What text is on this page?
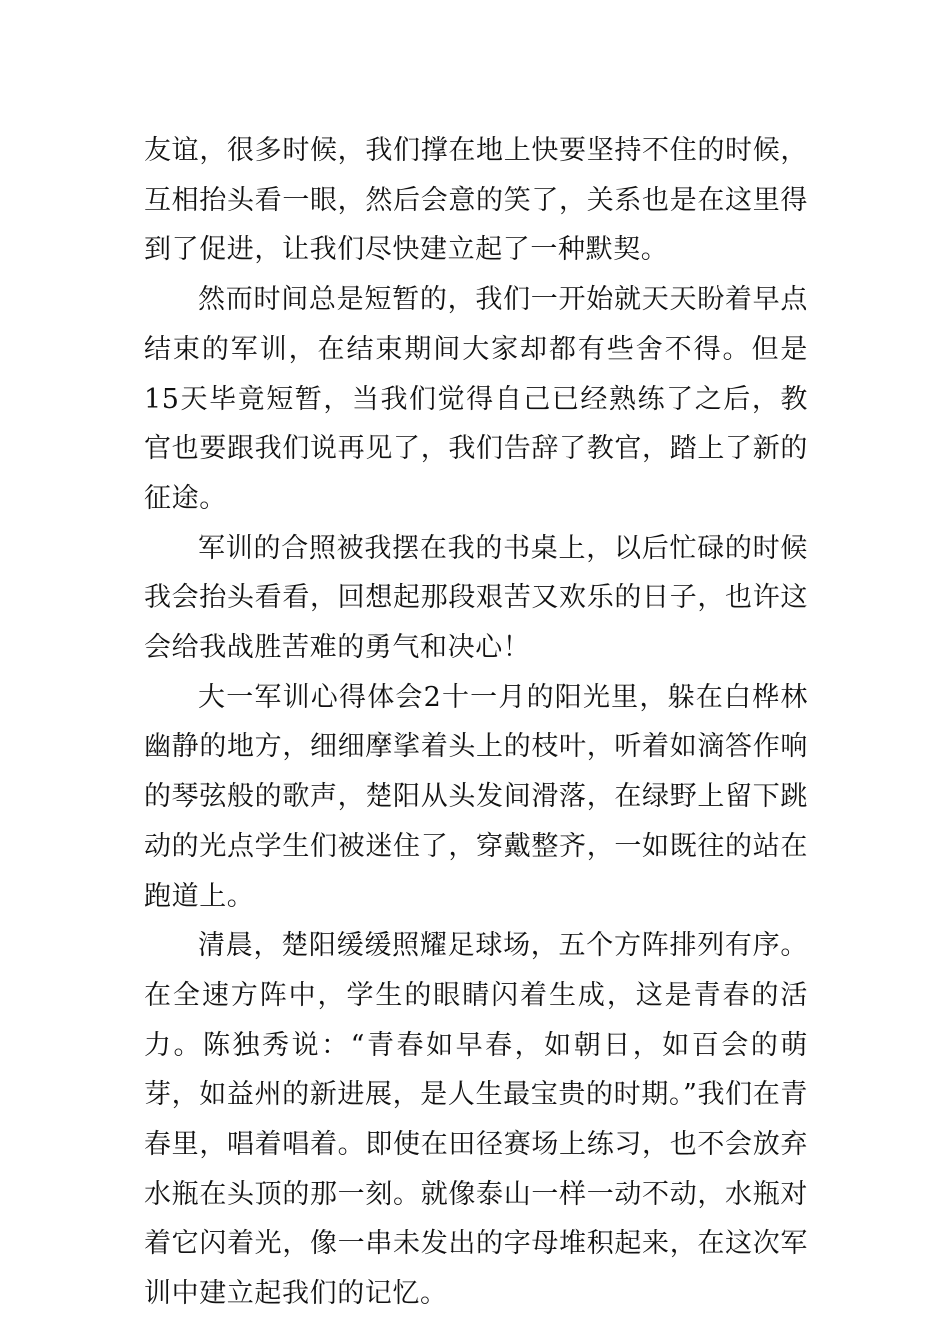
友谊，很多时候，我们撑在地上快要坚持不住的时候，互相抬头看一眼，然后会意的笑了，关系也是在这里得到了促进，让我们尽快建立起了一种默契。

然而时间总是短暂的，我们一开始就天天盼着早点结束的军训，在结束期间大家却都有些舍不得。但是15天毕竟短暂，当我们觉得自己已经熟练了之后，教官也要跟我们说再见了，我们告辞了教官，踏上了新的征途。

军训的合照被我摆在我的书桌上，以后忙碌的时候我会抬头看看，回想起那段艰苦又欢乐的日子，也许这会给我战胜苦难的勇气和决心！

大一军训心得体会2十一月的阳光里，躲在白桦林幽静的地方，细细摩挲着头上的枝叶，听着如滴答作响的琴弦般的歌声，楚阳从头发间滑落，在绿野上留下跳动的光点学生们被迷住了，穿戴整齐，一如既往的站在跑道上。

清晨，楚阳缓缓照耀足球场，五个方阵排列有序。在全速方阵中，学生的眼睛闪着生成，这是青春的活力。陈独秀说：“青春如早春，如朝日，如百会的萌芽，如益州的新进展，是人生最宝贵的时期。”我们在青春里，唱着唱着。即使在田径赛场上练习，也不会放弃水瓶在头顶的那一刻。就像泰山一样一动不动，水瓶对着它闪着光，像一串未发出的字母堆积起来，在这次军训中建立起我们的记忆。
